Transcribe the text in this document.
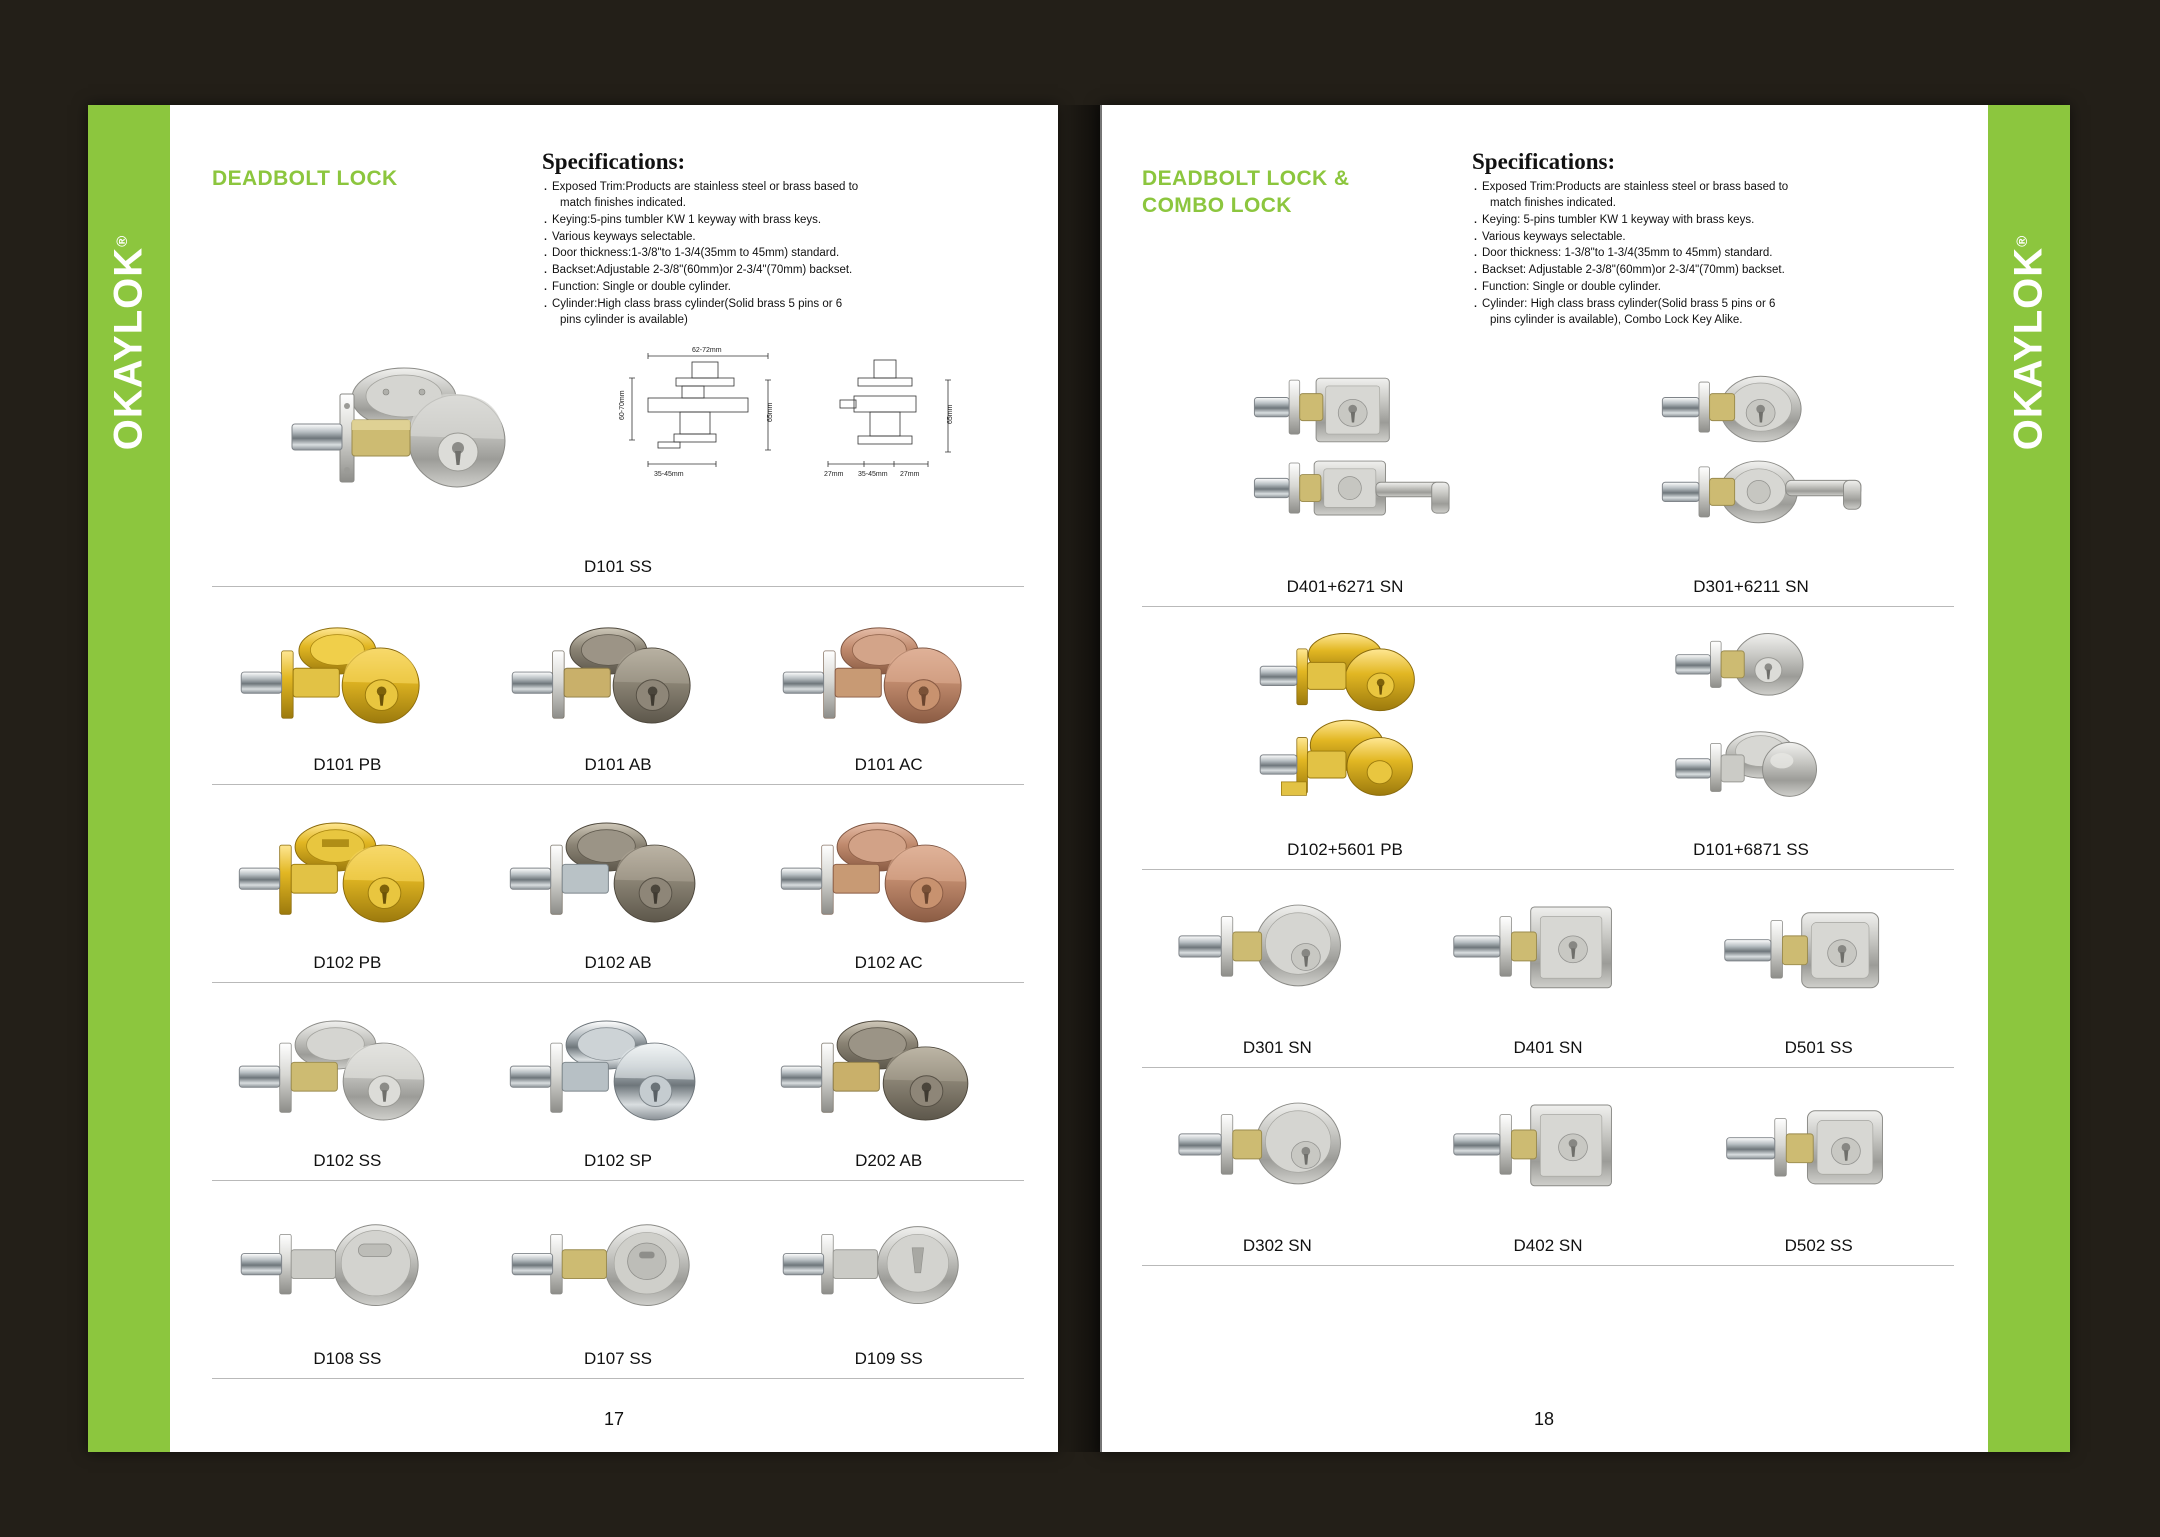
OKAYLOK®
DEADBOLT LOCK
Specifications:
· Exposed Trim:Products are stainless steel or brass based to
match finishes indicated.
· Keying:5-pins tumbler KW 1 keyway with brass keys.
· Various keyways selectable.
· Door thickness:1-3/8"to 1-3/4(35mm to 45mm) standard.
· Backset:Adjustable 2-3/8"(60mm)or 2-3/4"(70mm) backset.
· Function: Single or double cylinder.
· Cylinder:High class brass cylinder(Solid brass 5 pins or 6
pins cylinder is available)
62-72mm
60-70mm	65mm
35-45mm
65mm
27mm 35-45mm 27mm
D101 SS
D101 PB	D101 AB	D101 AC
D102 PB	D102 AB	D102 AC
D102 SS	D102 SP	D202 AB
D108 SS	D107 SS	D109 SS
17
OKAYLOK®
DEADBOLT LOCK &
COMBO LOCK
Specifications:
· Exposed Trim:Products are stainless steel or brass based to
match finishes indicated.
· Keying: 5-pins tumbler KW 1 keyway with brass keys.
· Various keyways selectable.
· Door thickness: 1-3/8"to 1-3/4(35mm to 45mm) standard.
· Backset: Adjustable 2-3/8"(60mm)or 2-3/4"(70mm) backset.
· Function: Single or double cylinder.
· Cylinder: High class brass cylinder(Solid brass 5 pins or 6
pins cylinder is available), Combo Lock Key Alike.
D401+6271 SN	D301+6211 SN
D102+5601 PB	D101+6871 SS
D301 SN	D401 SN	D501 SS
D302 SN	D402 SN	D502 SS
18
